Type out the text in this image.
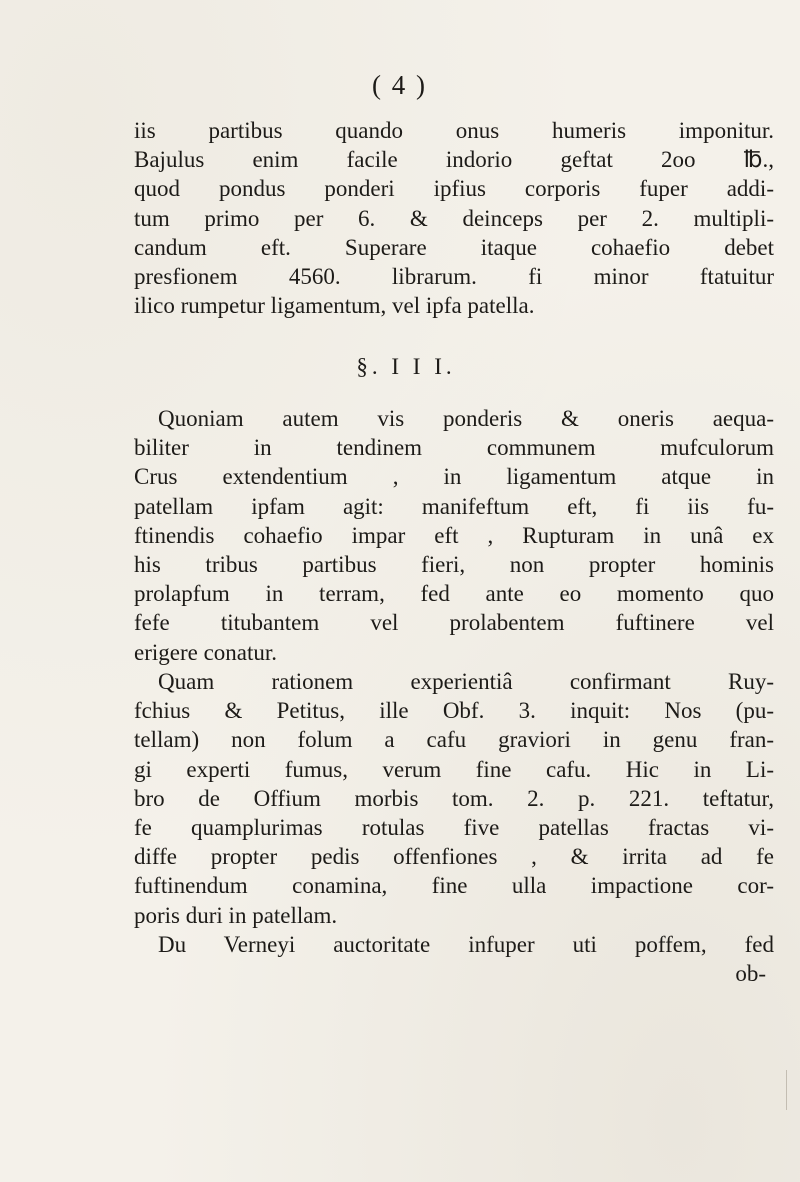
( 4 )
iis partibus quando onus humeris imponitur.
Bajulus enim facile indorio geftat 2oo ℔.,
quod pondus ponderi ipfius corporis fuper addi-
tum primo per 6. & deinceps per 2. multipli-
candum eft. Superare itaque cohaefio debet
presfionem 4560. librarum. fi minor ftatuitur
ilico rumpetur ligamentum, vel ipfa patella.
§. I I I.
Quoniam autem vis ponderis & oneris aequa-
biliter in tendinem communem mufculorum
Crus extendentium , in ligamentum atque in
patellam ipfam agit: manifeftum eft, fi iis fu-
ftinendis cohaefio impar eft , Rupturam in unâ ex
his tribus partibus fieri, non propter hominis
prolapfum in terram, fed ante eo momento quo
fefe titubantem vel prolabentem fuftinere vel
erigere conatur.
Quam rationem experientiâ confirmant Ruy-
fchius & Petitus, ille Obf. 3. inquit: Nos (pu-
tellam) non folum a cafu graviori in genu fran-
gi experti fumus, verum fine cafu. Hic in Li-
bro de Offium morbis tom. 2. p. 221. teftatur,
fe quamplurimas rotulas five patellas fractas vi-
diffe propter pedis offenfiones , & irrita ad fe
fuftinendum conamina, fine ulla impactione cor-
poris duri in patellam.
Du Verneyi auctoritate infuper uti poffem, fed
ob-
